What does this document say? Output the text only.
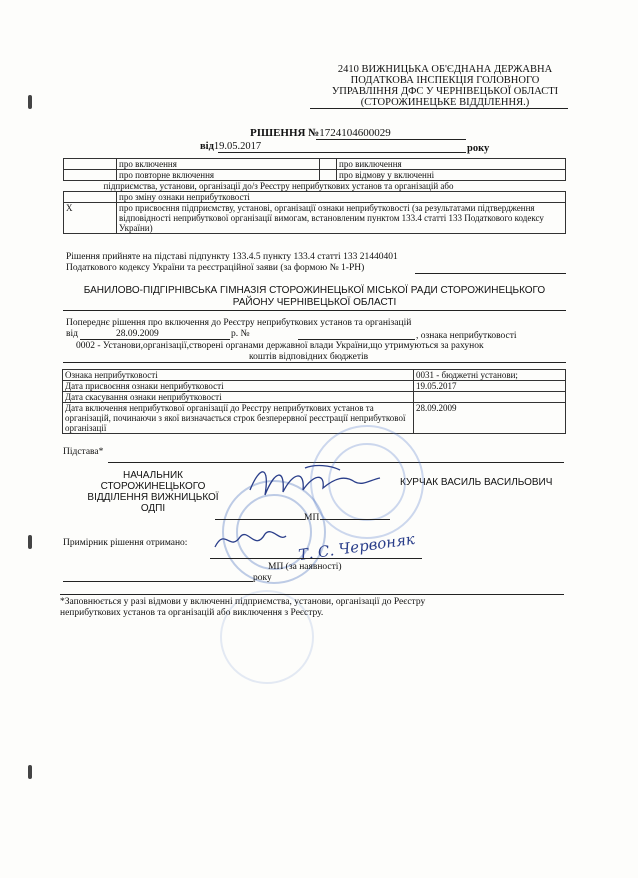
2410 ВИЖНИЦЬКА ОБ'ЄДНАНА ДЕРЖАВНА
ПОДАТКОВА ІНСПЕКЦІЯ ГОЛОВНОГО
УПРАВЛІННЯ ДФС У ЧЕРНІВЕЦЬКОЇ ОБЛАСТІ
(СТОРОЖИНЕЦЬКЕ ВІДДІЛЕННЯ.)
РІШЕННЯ №1724104600029
від19.05.2017	року
	про включення		про виключення
	про повторне включення		про відмову у включенні
підприємства, установи, організації до/з Реєстру неприбуткових установ та організацій або			
	про зміну ознаки неприбутковості		
X	про присвоєння підприємству, установі, організації ознаки неприбутковості (за результатами підтвердження відповідності неприбуткової організації вимогам, встановленим пунктом 133.4 статті 133 Податкового кодексу України)		
Рішення прийняте на підставі підпункту 133.4.5 пункту 133.4 статті 133 21440401
Податкового кодексу України та реєстраційної заяви (за формою № 1-РН)
БАНИЛОВО-ПІДГІРНІВСЬКА ГІМНАЗІЯ СТОРОЖИНЕЦЬКОЇ МІСЬКОЇ РАДИ СТОРОЖИНЕЦЬКОГО
РАЙОНУ ЧЕРНІВЕЦЬКОЇ ОБЛАСТІ
Попереднє рішення про включення до Реєстру неприбуткових установ та організацій
від	28.09.2009	р. №	, ознака неприбутковості
0002 - Установи,організації,створені органами державної влади України,що утримуються за рахунок
коштів відповідних бюджетів
Ознака неприбутковості	0031 - бюджетні установи;
Дата присвоєння ознаки неприбутковості	19.05.2017
Дата скасування ознаки неприбутковості	
Дата включення неприбуткової організації до Реєстру неприбуткових установ та організацій, починаючи з якої визначається строк безперервної реєстрації неприбуткової організації	28.09.2009
Підстава*
НАЧАЛЬНИК
СТОРОЖИНЕЦЬКОГО
ВІДДІЛЕННЯ ВИЖНИЦЬКОЇ
ОДПІ
КУРЧАК ВАСИЛЬ ВАСИЛЬОВИЧ
МП
Примірник рішення отримано:	Т. С. Червоняк
МП (за наявності)
року
*Заповнюється у разі відмови у включенні підприємства, установи, організації до Реєстру
неприбуткових установ та організацій або виключення з Реєстру.
